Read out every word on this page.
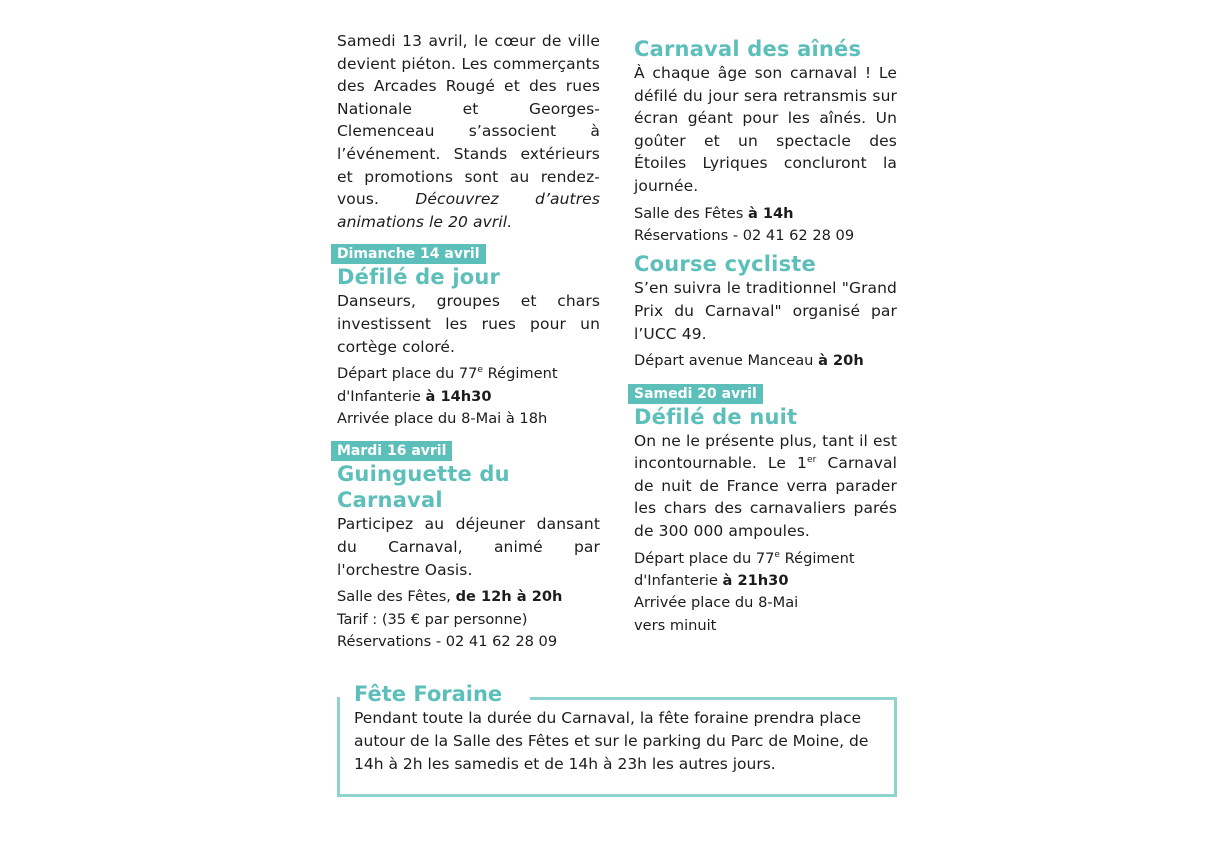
Samedi 13 avril, le cœur de ville devient piéton. Les commerçants des Arcades Rougé et des rues Nationale et Georges-Clemenceau s’associent à l’événement. Stands extérieurs et promotions sont au rendez-vous. Découvrez d’autres animations le 20 avril.

Dimanche 14 avril
Défilé de jour

Danseurs, groupes et chars investissent les rues pour un cortège coloré.

Départ place du 77e Régiment d'Infanterie à 14h30

Arrivée place du 8-Mai à 18h

Mardi 16 avril
Guinguette du Carnaval

Participez au déjeuner dansant du Carnaval, animé par l'orchestre Oasis.

Salle des Fêtes, de 12h à 20h

Tarif : (35 € par personne)

Réservations - 02 41 62 28 09

Carnaval des aînés

À chaque âge son carnaval ! Le défilé du jour sera retransmis sur écran géant pour les aînés. Un goûter et un spectacle des Étoiles Lyriques concluront la journée.

Salle des Fêtes à 14h

Réservations - 02 41 62 28 09

Course cycliste

S’en suivra le traditionnel "Grand Prix du Carnaval" organisé par l’UCC 49.

Départ avenue Manceau à 20h

Samedi 20 avril
Défilé de nuit

On ne le présente plus, tant il est incontournable. Le 1er Carnaval de nuit de France verra parader les chars des carnavaliers parés de 300 000 ampoules.

Départ place du 77e Régiment d'Infanterie à 21h30

Arrivée place du 8-Mai vers minuit

Fête Foraine

Pendant toute la durée du Carnaval, la fête foraine prendra place autour de la Salle des Fêtes et sur le parking du Parc de Moine, de 14h à 2h les samedis et de 14h à 23h les autres jours.
